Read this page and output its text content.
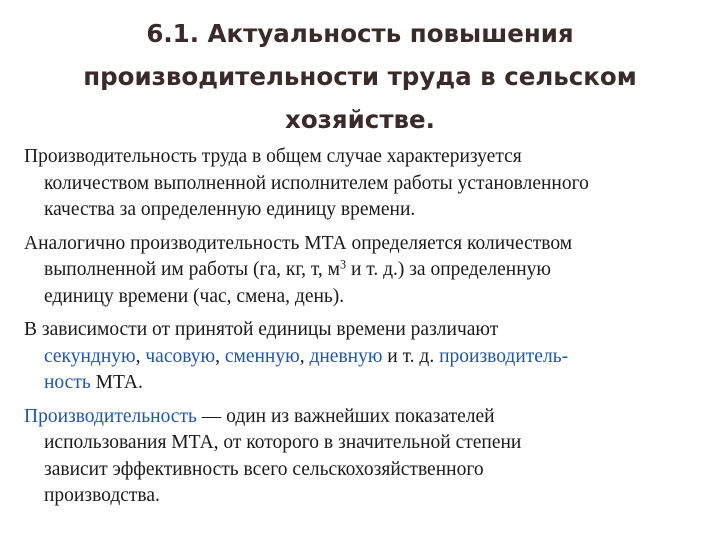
6.1. Актуальность повышения
производительности труда в сельском
хозяйстве.

Производительность труда в общем случае характеризуется
количеством выполненной исполнителем работы установленного
качества за определенную единицу времени.

Аналогично производительность МТА определяется количеством
выполненной им работы (га, кг, т, $м^3$ и т. д.) за определенную
единицу времени (час, смена, день).

В зависимости от принятой единицы времени различают
секундную, часовую, сменную, дневную и т. д. производитель-
ность МТА.

Производительность — один из важнейших показателей
использования МТА, от которого в значительной степени
зависит эффективность всего сельскохозяйственного
производства.
